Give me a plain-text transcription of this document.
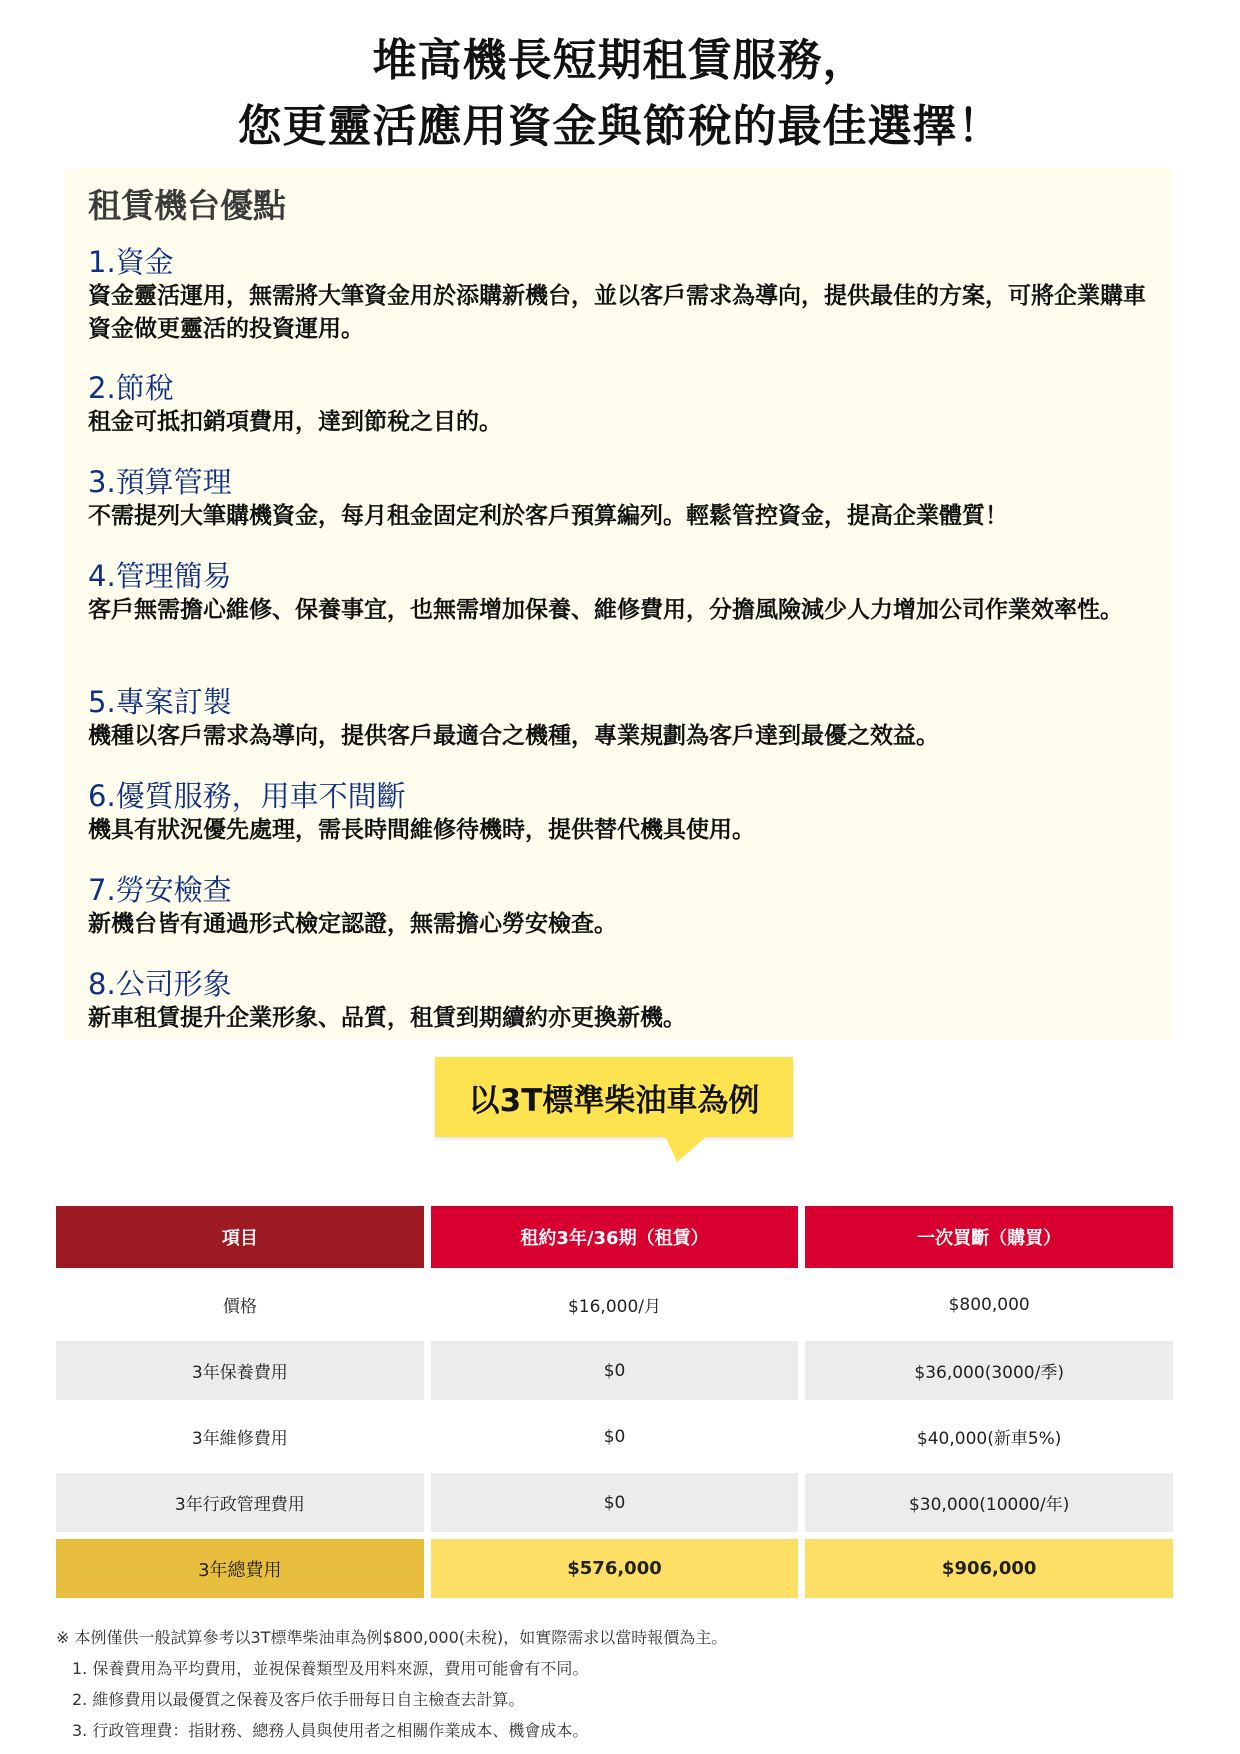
堆高機長短期租賃服務，
您更靈活應用資金與節稅的最佳選擇！
租賃機台優點
1.資金
資金靈活運用，無需將大筆資金用於添購新機台，並以客戶需求為導向，提供最佳的方案，可將企業購車資金做更靈活的投資運用。
2.節稅
租金可抵扣銷項費用，達到節稅之目的。
3.預算管理
不需提列大筆購機資金，每月租金固定利於客戶預算編列。輕鬆管控資金，提高企業體質！
4.管理簡易
客戶無需擔心維修、保養事宜，也無需增加保養、維修費用，分擔風險減少人力增加公司作業效率性。
5.專案訂製
機種以客戶需求為導向，提供客戶最適合之機種，專業規劃為客戶達到最優之效益。
6.優質服務，用車不間斷
機具有狀況優先處理，需長時間維修待機時，提供替代機具使用。
7.勞安檢查
新機台皆有通過形式檢定認證，無需擔心勞安檢查。
8.公司形象
新車租賃提升企業形象、品質，租賃到期續約亦更換新機。
以3T標準柴油車為例
項目	租約3年/36期（租賃）	一次買斷（購買）
價格	$16,000/月	$800,000
3年保養費用	$0	$36,000(3000/季)
3年維修費用	$0	$40,000(新車5%)
3年行政管理費用	$0	$30,000(10000/年)
3年總費用	$576,000	$906,000
※ 本例僅供一般試算參考以3T標準柴油車為例$800,000(未稅)，如實際需求以當時報價為主。
1. 保養費用為平均費用，並視保養類型及用料來源，費用可能會有不同。
2. 維修費用以最優質之保養及客戶依手冊每日自主檢查去計算。
3. 行政管理費：指財務、總務人員與使用者之相關作業成本、機會成本。
